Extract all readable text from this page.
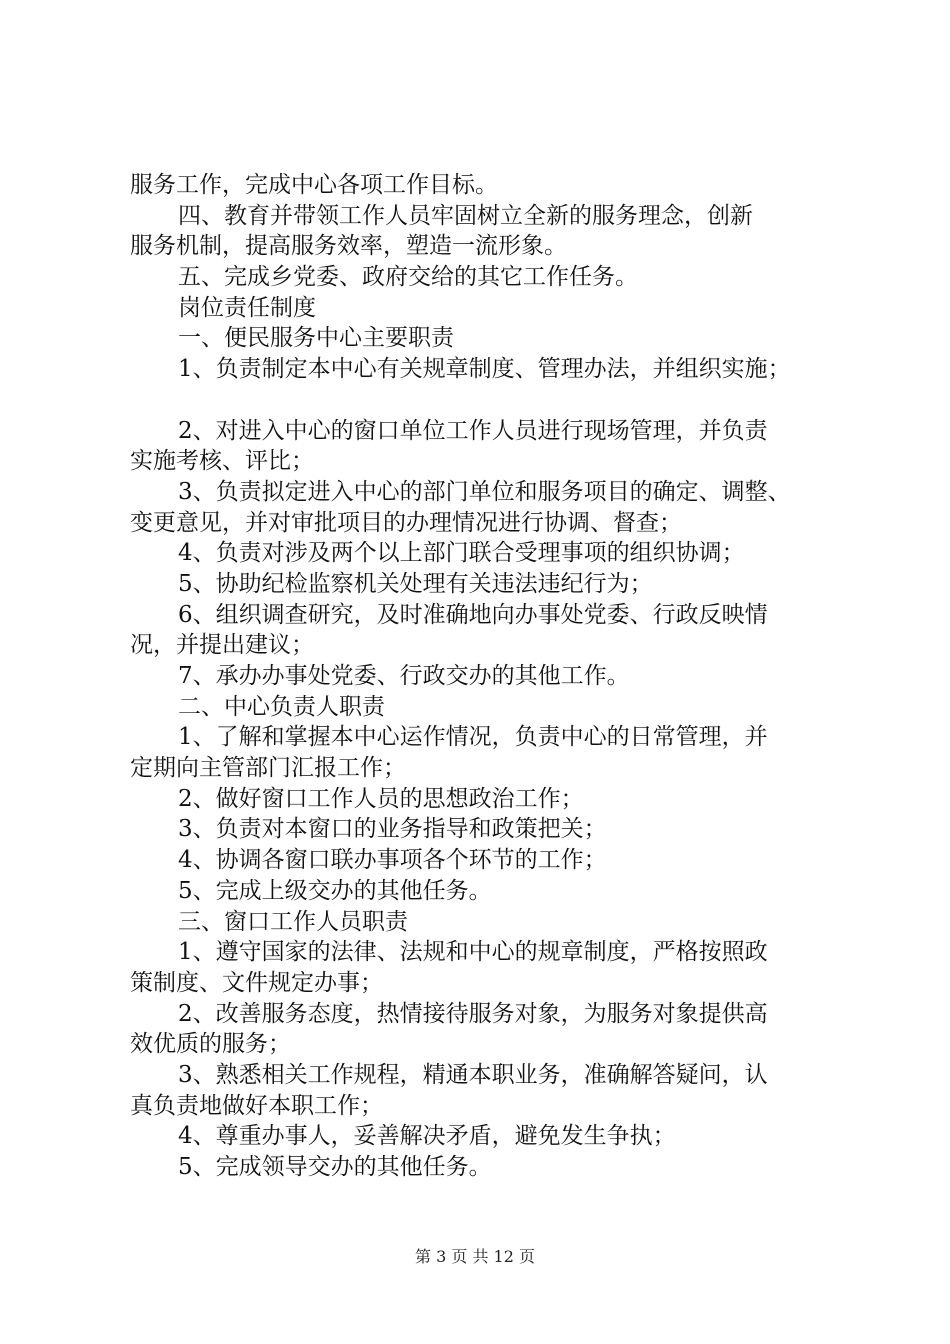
服务工作，完成中心各项工作目标。
四、教育并带领工作人员牢固树立全新的服务理念，创新
服务机制，提高服务效率，塑造一流形象。
五、完成乡党委、政府交给的其它工作任务。
岗位责任制度
一、便民服务中心主要职责
1、负责制定本中心有关规章制度、管理办法，并组织实施；
2、对进入中心的窗口单位工作人员进行现场管理，并负责
实施考核、评比；
3、负责拟定进入中心的部门单位和服务项目的确定、调整、
变更意见，并对审批项目的办理情况进行协调、督查；
4、负责对涉及两个以上部门联合受理事项的组织协调；
5、协助纪检监察机关处理有关违法违纪行为；
6、组织调查研究，及时准确地向办事处党委、行政反映情
况，并提出建议；
7、承办办事处党委、行政交办的其他工作。
二、中心负责人职责
1、了解和掌握本中心运作情况，负责中心的日常管理，并
定期向主管部门汇报工作；
2、做好窗口工作人员的思想政治工作；
3、负责对本窗口的业务指导和政策把关；
4、协调各窗口联办事项各个环节的工作；
5、完成上级交办的其他任务。
三、窗口工作人员职责
1、遵守国家的法律、法规和中心的规章制度，严格按照政
策制度、文件规定办事；
2、改善服务态度，热情接待服务对象，为服务对象提供高
效优质的服务；
3、熟悉相关工作规程，精通本职业务，准确解答疑问，认
真负责地做好本职工作；
4、尊重办事人，妥善解决矛盾，避免发生争执；
5、完成领导交办的其他任务。
第 3 页 共 12 页
